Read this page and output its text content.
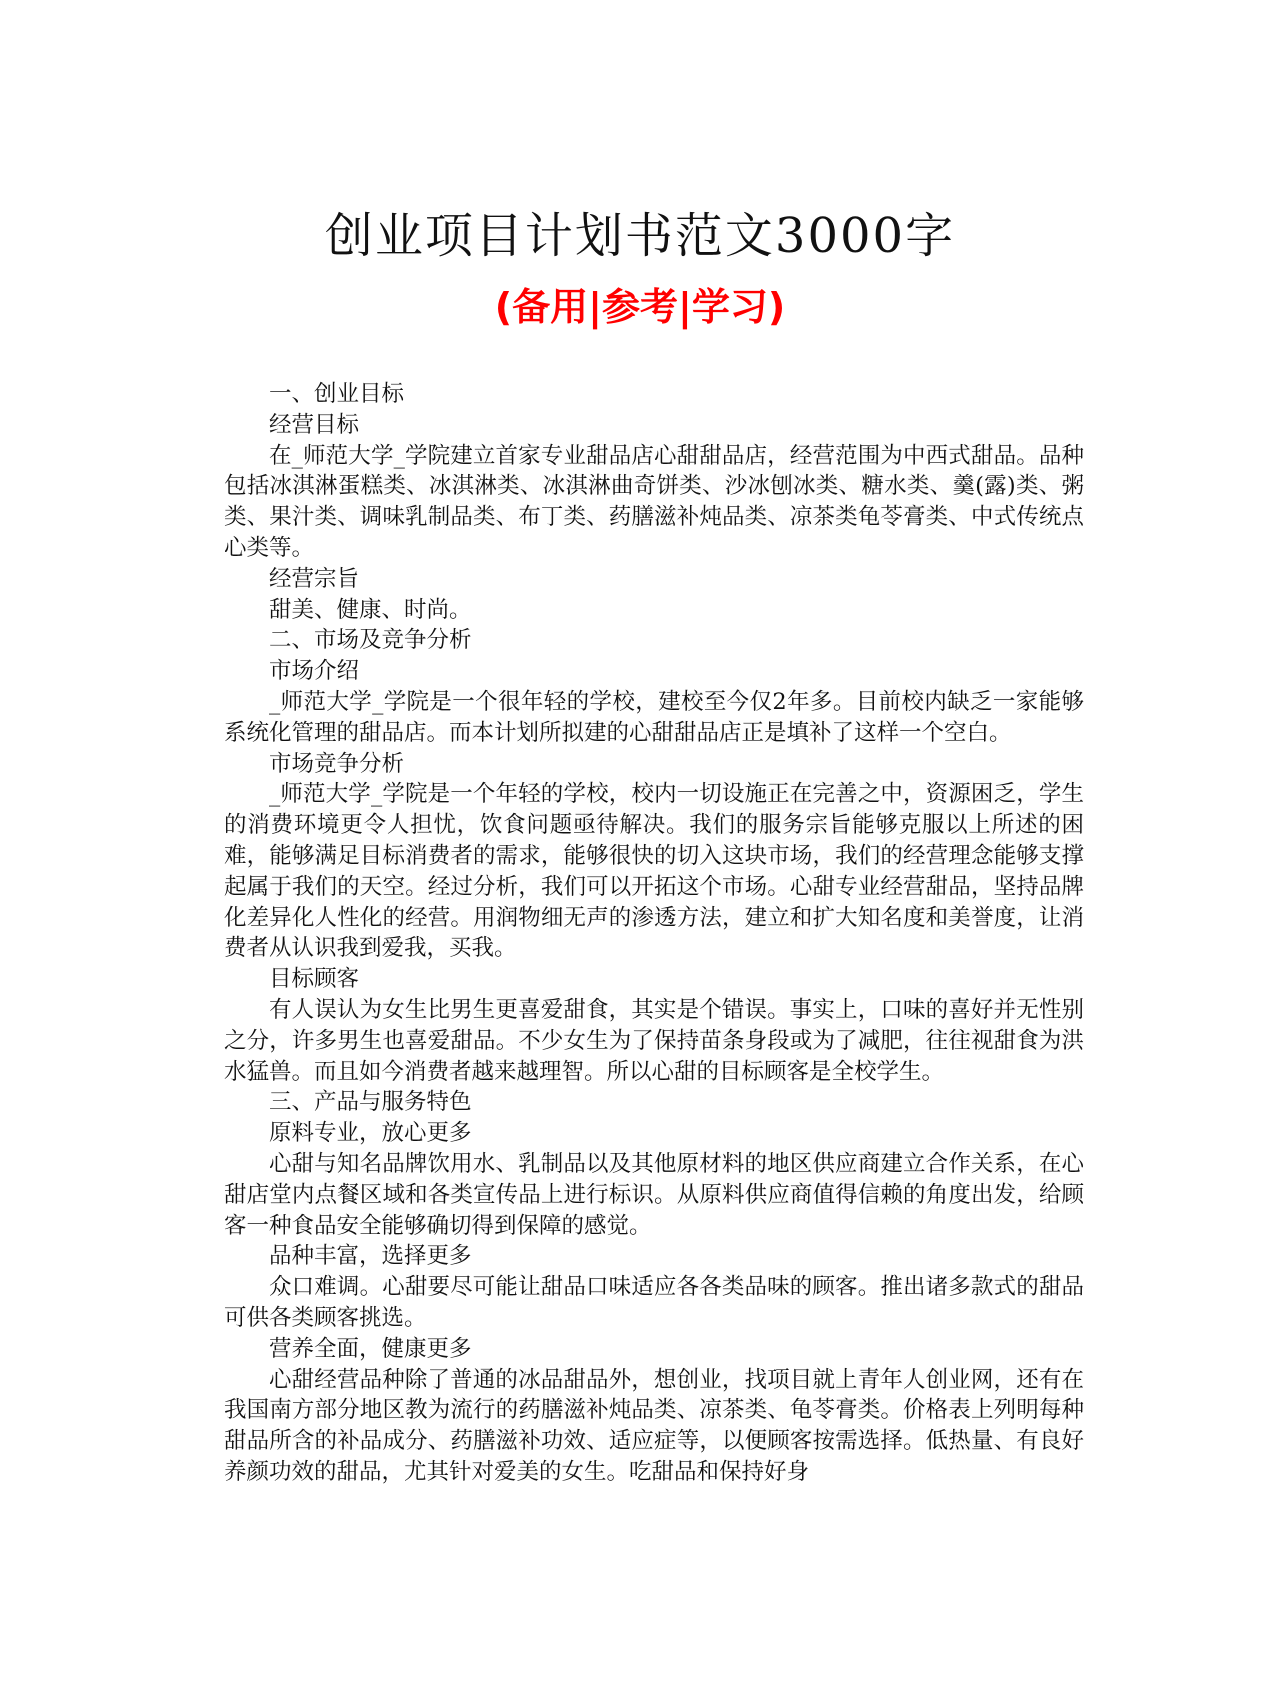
创业项目计划书范文3000字
(备用|参考|学习)

一、创业目标

经营目标

在_师范大学_学院建立首家专业甜品店心甜甜品店，经营范围为中西式甜品。品种包括冰淇淋蛋糕类、冰淇淋类、冰淇淋曲奇饼类、沙冰刨冰类、糖水类、羹(露)类、粥类、果汁类、调味乳制品类、布丁类、药膳滋补炖品类、凉茶类龟苓膏类、中式传统点心类等。

经营宗旨

甜美、健康、时尚。

二、市场及竞争分析

市场介绍

_师范大学_学院是一个很年轻的学校，建校至今仅2年多。目前校内缺乏一家能够系统化管理的甜品店。而本计划所拟建的心甜甜品店正是填补了这样一个空白。

市场竞争分析

_师范大学_学院是一个年轻的学校，校内一切设施正在完善之中，资源困乏，学生的消费环境更令人担忧，饮食问题亟待解决。我们的服务宗旨能够克服以上所述的困难，能够满足目标消费者的需求，能够很快的切入这块市场，我们的经营理念能够支撑起属于我们的天空。经过分析，我们可以开拓这个市场。心甜专业经营甜品，坚持品牌化差异化人性化的经营。用润物细无声的渗透方法，建立和扩大知名度和美誉度，让消费者从认识我到爱我，买我。

目标顾客

有人误认为女生比男生更喜爱甜食，其实是个错误。事实上，口味的喜好并无性别之分，许多男生也喜爱甜品。不少女生为了保持苗条身段或为了减肥，往往视甜食为洪水猛兽。而且如今消费者越来越理智。所以心甜的目标顾客是全校学生。

三、产品与服务特色

原料专业，放心更多

心甜与知名品牌饮用水、乳制品以及其他原材料的地区供应商建立合作关系，在心甜店堂内点餐区域和各类宣传品上进行标识。从原料供应商值得信赖的角度出发，给顾客一种食品安全能够确切得到保障的感觉。

品种丰富，选择更多

众口难调。心甜要尽可能让甜品口味适应各各类品味的顾客。推出诸多款式的甜品可供各类顾客挑选。

营养全面，健康更多

心甜经营品种除了普通的冰品甜品外，想创业，找项目就上青年人创业网，还有在我国南方部分地区教为流行的药膳滋补炖品类、凉茶类、龟苓膏类。价格表上列明每种甜品所含的补品成分、药膳滋补功效、适应症等，以便顾客按需选择。低热量、有良好养颜功效的甜品，尤其针对爱美的女生。吃甜品和保持好身
